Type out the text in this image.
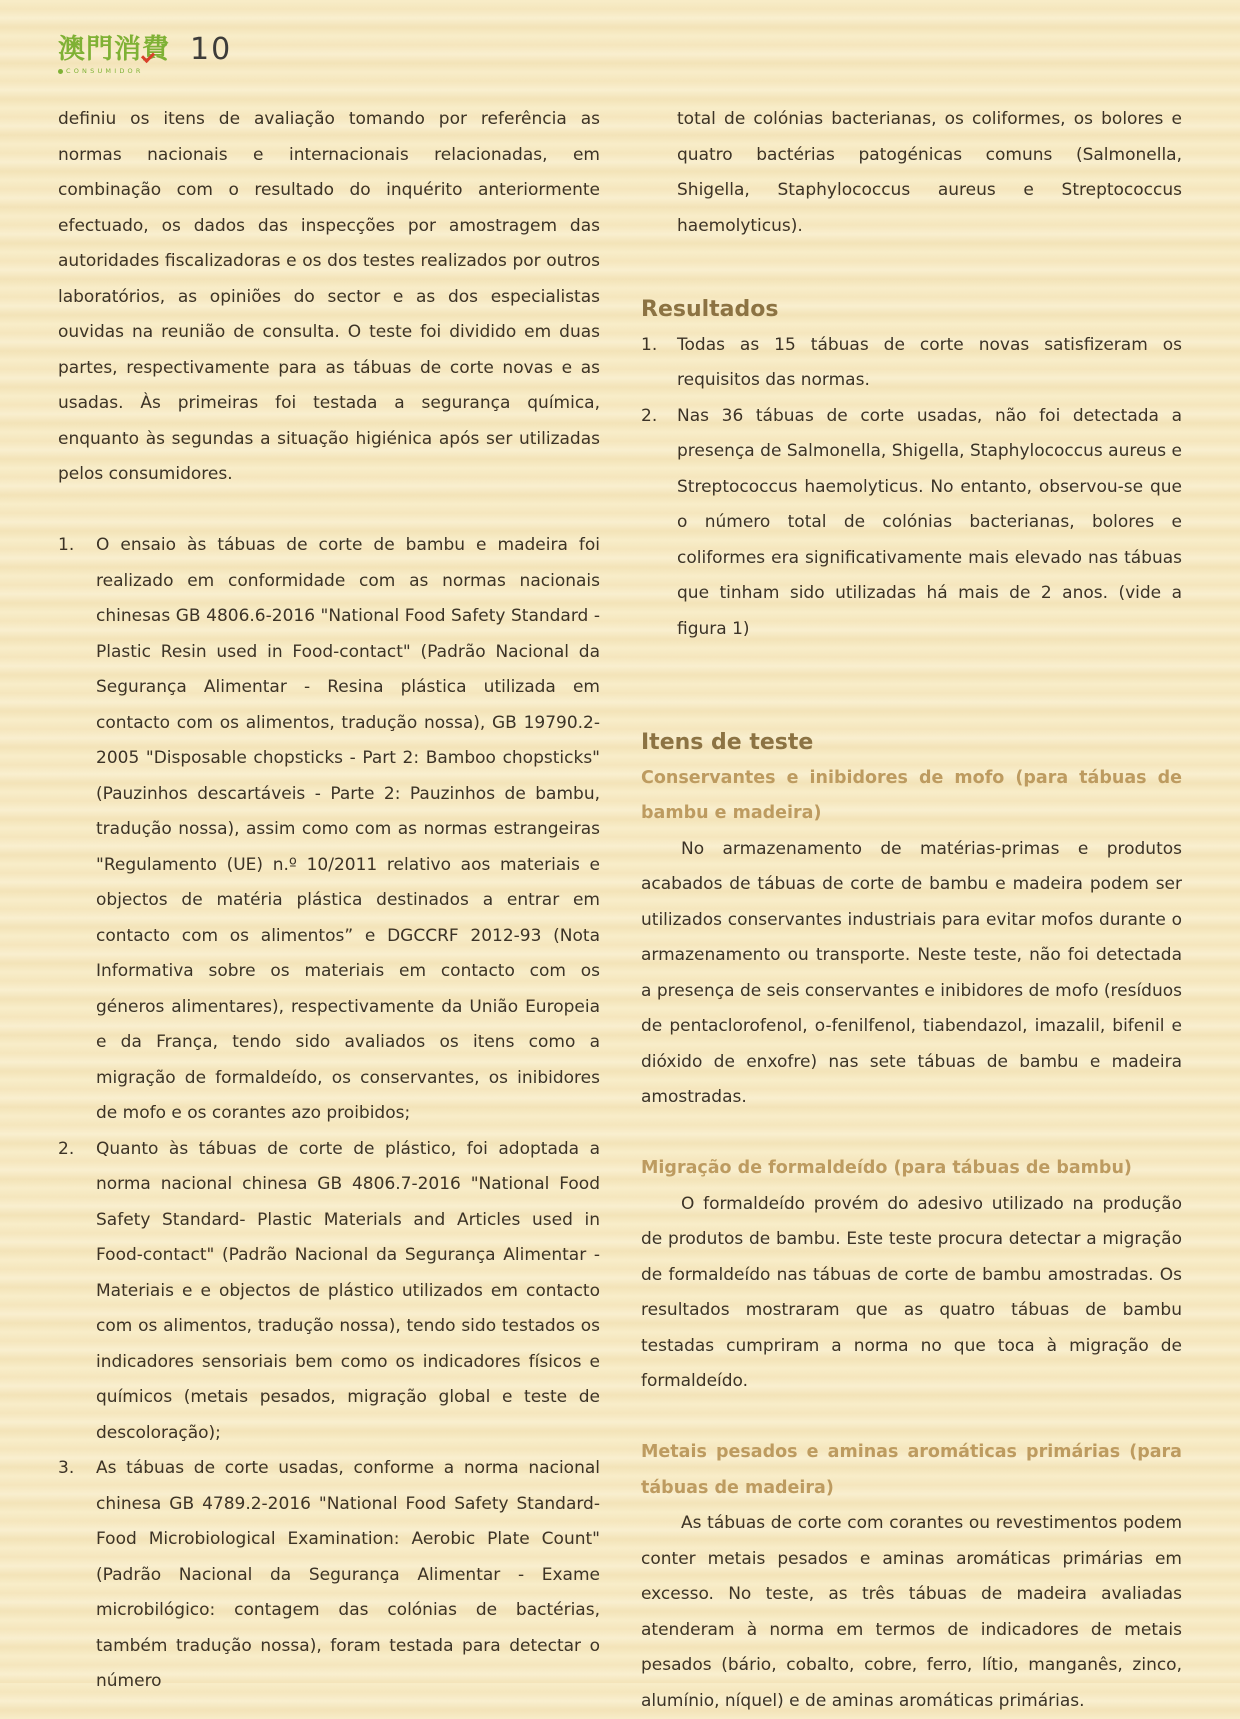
澳門消費
CONSUMIDOR
10

definiu os itens de avaliação tomando por referência as normas nacionais e internacionais relacionadas, em combinação com o resultado do inquérito anteriormente efectuado, os dados das inspecções por amostragem das autoridades fiscalizadoras e os dos testes realizados por outros laboratórios, as opiniões do sector e as dos especialistas ouvidas na reunião de consulta. O teste foi dividido em duas partes, respectivamente para as tábuas de corte novas e as usadas. Às primeiras foi testada a segurança química, enquanto às segundas a situação higiénica após ser utilizadas pelos consumidores.

1. O ensaio às tábuas de corte de bambu e madeira foi realizado em conformidade com as normas nacionais chinesas GB 4806.6-2016 "National Food Safety Standard - Plastic Resin used in Food-contact" (Padrão Nacional da Segurança Alimentar - Resina plástica utilizada em contacto com os alimentos, tradução nossa), GB 19790.2-2005 "Disposable chopsticks - Part 2: Bamboo chopsticks" (Pauzinhos descartáveis - Parte 2: Pauzinhos de bambu, tradução nossa), assim como com as normas estrangeiras "Regulamento (UE) n.º 10/2011 relativo aos materiais e objectos de matéria plástica destinados a entrar em contacto com os alimentos” e DGCCRF 2012-93 (Nota Informativa sobre os materiais em contacto com os géneros alimentares), respectivamente da União Europeia e da França, tendo sido avaliados os itens como a migração de formaldeído, os conservantes, os inibidores de mofo e os corantes azo proibidos;
2. Quanto às tábuas de corte de plástico, foi adoptada a norma nacional chinesa GB 4806.7-2016 "National Food Safety Standard- Plastic Materials and Articles used in Food-contact" (Padrão Nacional da Segurança Alimentar - Materiais e e objectos de plástico utilizados em contacto com os alimentos, tradução nossa), tendo sido testados os indicadores sensoriais bem como os indicadores físicos e químicos (metais pesados, migração global e teste de descoloração);
3. As tábuas de corte usadas, conforme a norma nacional chinesa GB 4789.2-2016 "National Food Safety Standard- Food Microbiological Examination: Aerobic Plate Count" (Padrão Nacional da Segurança Alimentar - Exame microbilógico: contagem das colónias de bactérias, também tradução nossa), foram testada para detectar o número

total de colónias bacterianas, os coliformes, os bolores e quatro bactérias patogénicas comuns (Salmonella, Shigella, Staphylococcus aureus e Streptococcus haemolyticus).

Resultados
1. Todas as 15 tábuas de corte novas satisfizeram os requisitos das normas.
2. Nas 36 tábuas de corte usadas, não foi detectada a presença de Salmonella, Shigella, Staphylococcus aureus e Streptococcus haemolyticus. No entanto, observou-se que o número total de colónias bacterianas, bolores e coliformes era significativamente mais elevado nas tábuas que tinham sido utilizadas há mais de 2 anos. (vide a figura 1)
Itens de teste
Conservantes e inibidores de mofo (para tábuas de bambu e madeira)

No armazenamento de matérias-primas e produtos acabados de tábuas de corte de bambu e madeira podem ser utilizados conservantes industriais para evitar mofos durante o armazenamento ou transporte. Neste teste, não foi detectada a presença de seis conservantes e inibidores de mofo (resíduos de pentaclorofenol, o-fenilfenol, tiabendazol, imazalil, bifenil e dióxido de enxofre) nas sete tábuas de bambu e madeira amostradas.

Migração de formaldeído (para tábuas de bambu)

O formaldeído provém do adesivo utilizado na produção de produtos de bambu. Este teste procura detectar a migração de formaldeído nas tábuas de corte de bambu amostradas. Os resultados mostraram que as quatro tábuas de bambu testadas cumpriram a norma no que toca à migração de formaldeído.

Metais pesados e aminas aromáticas primárias (para tábuas de madeira)

As tábuas de corte com corantes ou revestimentos podem conter metais pesados e aminas aromáticas primárias em excesso. No teste, as três tábuas de madeira avaliadas atenderam à norma em termos de indicadores de metais pesados (bário, cobalto, cobre, ferro, lítio, manganês, zinco, alumínio, níquel) e de aminas aromáticas primárias.
